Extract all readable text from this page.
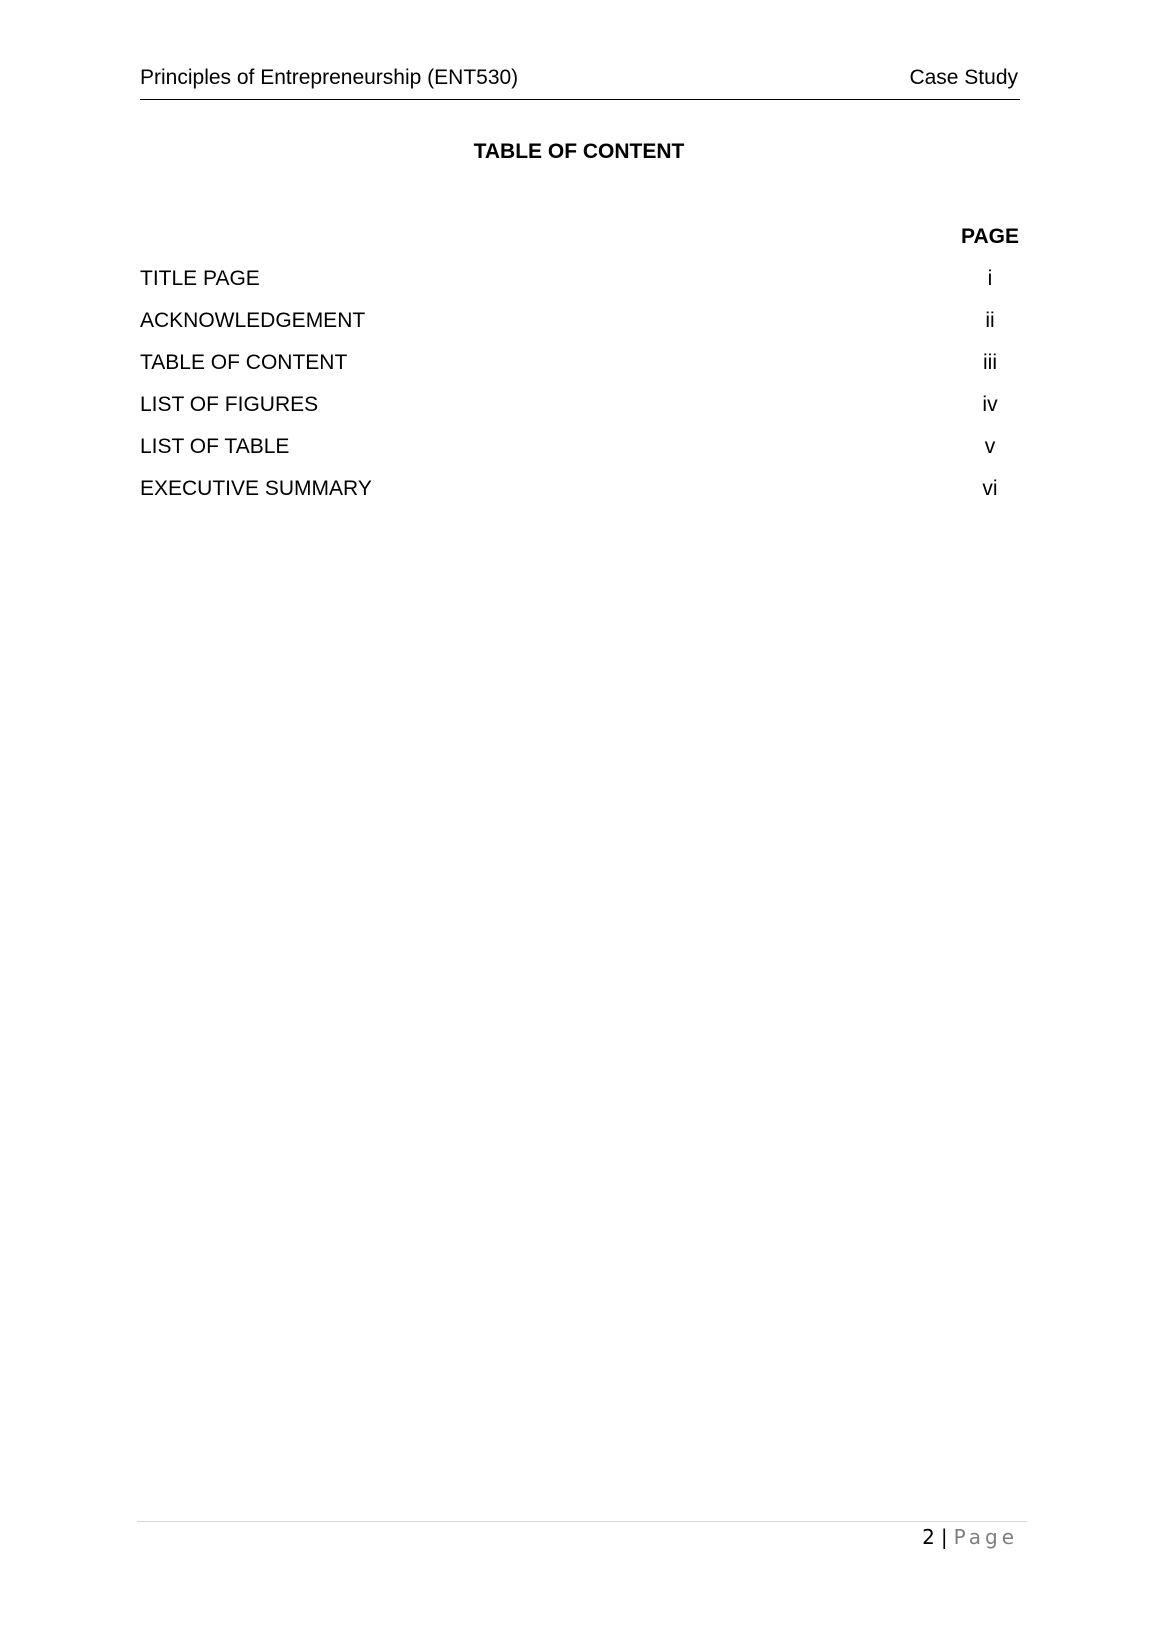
Principles of Entrepreneurship (ENT530)	Case Study
TABLE OF CONTENT
PAGE
TITLE PAGE	i
ACKNOWLEDGEMENT	ii
TABLE OF CONTENT	iii
LIST OF FIGURES	iv
LIST OF TABLE	v
EXECUTIVE SUMMARY	vi
2 | Page
